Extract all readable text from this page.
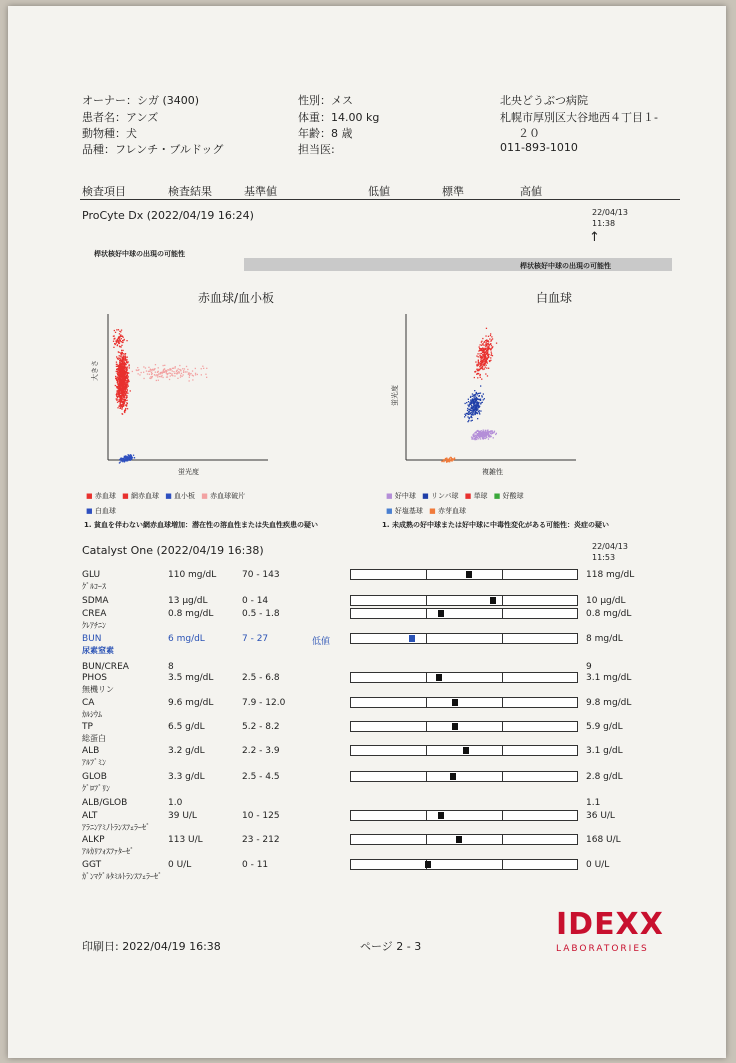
オーナー：シガ (3400)
患者名：アンズ
動物種：犬
品種：フレンチ・ブルドッグ
性別：メス
体重：14.00 kg
年齢：8 歳
担当医:
北央どうぶつ病院
札幌市厚別区大谷地西４丁目１-
２０
011-893-1010
検査項目	検査結果	基準値	低値	標準	高値
ProCyte Dx (2022/04/19 16:24)	22/04/13
11:38
↑
桿状核好中球の出現の可能性
桿状核好中球の出現の可能性
赤血球/血小板	白血球
大きさ
蛍光度
蛍光度
複雑性
■ 赤血球 ■ 網赤血球 ■ 血小板 ■ 赤血球破片
■ 白血球
■ 好中球 ■ リンパ球 ■ 単球 ■ 好酸球
■ 好塩基球 ■ 赤芽血球
1. 貧血を伴わない網赤血球増加：潜在性の溶血性または失血性疾患の疑い	1. 未成熟の好中球または好中球に中毒性変化がある可能性：炎症の疑い
Catalyst One (2022/04/19 16:38)	22/04/13
11:53
GLU	110 mg/dL	70 - 143	118 mg/dL
ｸﾞﾙｺｰｽ
SDMA	13 µg/dL	0 - 14	10 µg/dL
CREA	0.8 mg/dL	0.5 - 1.8	0.8 mg/dL
ｸﾚｱﾁﾆﾝ
BUN	6 mg/dL	7 - 27	低値	8 mg/dL
尿素窒素
BUN/CREA	8	9
PHOS	3.5 mg/dL	2.5 - 6.8	3.1 mg/dL
無機リン
CA	9.6 mg/dL	7.9 - 12.0	9.8 mg/dL
ｶﾙｼｳﾑ
TP	6.5 g/dL	5.2 - 8.2	5.9 g/dL
総蛋白
ALB	3.2 g/dL	2.2 - 3.9	3.1 g/dL
ｱﾙﾌﾞﾐﾝ
GLOB	3.3 g/dL	2.5 - 4.5	2.8 g/dL
ｸﾞﾛﾌﾞﾘﾝ
ALB/GLOB	1.0	1.1
ALT	39 U/L	10 - 125	36 U/L
ｱﾗﾆﾝｱﾐﾉﾄﾗﾝｽﾌｪﾗｰｾﾞ
ALKP	113 U/L	23 - 212	168 U/L
ｱﾙｶﾘﾌｫｽﾌｧﾀｰｾﾞ
GGT	0 U/L	0 - 11	0 U/L
ｶﾞﾝﾏｸﾞﾙﾀﾐﾙﾄﾗﾝｽﾌｪﾗｰｾﾞ
印刷日: 2022/04/19 16:38	ページ 2 - 3
IDEXX
LABORATORIES
